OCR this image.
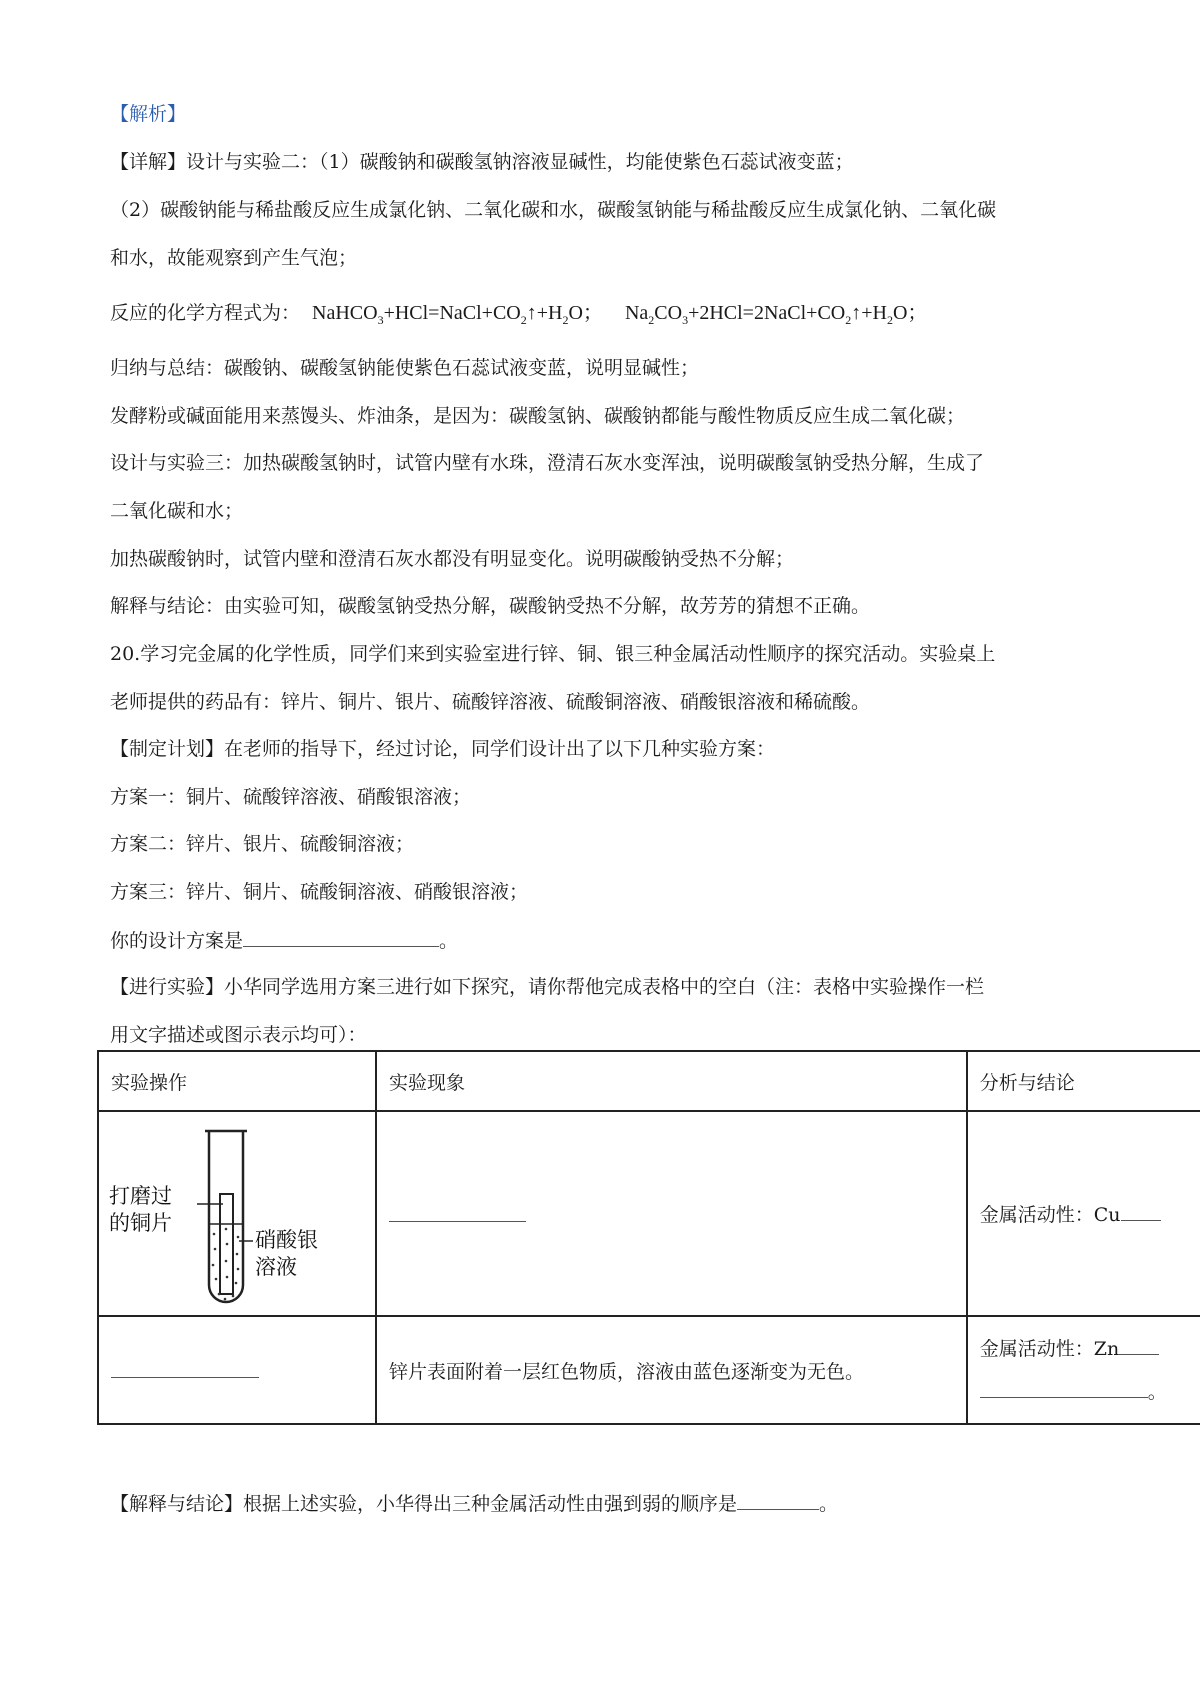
【解析】
【详解】设计与实验二：（1）碳酸钠和碳酸氢钠溶液显碱性，均能使紫色石蕊试液变蓝；
（2）碳酸钠能与稀盐酸反应生成氯化钠、二氧化碳和水，碳酸氢钠能与稀盐酸反应生成氯化钠、二氧化碳
和水，故能观察到产生气泡；
反应的化学方程式为： $NaHCO_3+HCl=NaCl+CO_2↑+H_2O$； $Na_2CO_3+2HCl=2NaCl+CO_2↑+H_2O$；
归纳与总结：碳酸钠、碳酸氢钠能使紫色石蕊试液变蓝，说明显碱性；
发酵粉或碱面能用来蒸馒头、炸油条，是因为：碳酸氢钠、碳酸钠都能与酸性物质反应生成二氧化碳；
设计与实验三：加热碳酸氢钠时，试管内壁有水珠，澄清石灰水变浑浊，说明碳酸氢钠受热分解，生成了
二氧化碳和水；
加热碳酸钠时，试管内壁和澄清石灰水都没有明显变化。说明碳酸钠受热不分解；
解释与结论：由实验可知，碳酸氢钠受热分解，碳酸钠受热不分解，故芳芳的猜想不正确。
20.学习完金属的化学性质，同学们来到实验室进行锌、铜、银三种金属活动性顺序的探究活动。实验桌上
老师提供的药品有：锌片、铜片、银片、硫酸锌溶液、硫酸铜溶液、硝酸银溶液和稀硫酸。
【制定计划】在老师的指导下，经过讨论，同学们设计出了以下几种实验方案：
方案一：铜片、硫酸锌溶液、硝酸银溶液；
方案二：锌片、银片、硫酸铜溶液；
方案三：锌片、铜片、硫酸铜溶液、硝酸银溶液；
你的设计方案是	。
【进行实验】小华同学选用方案三进行如下探究，请你帮他完成表格中的空白（注：表格中实验操作一栏
用文字描述或图示表示均可）：
实验操作	实验现象	分析与结论

打磨过
的铜片
硝酸银
溶液		金属活动性：Cu
	锌片表面附着一层红色物质，溶液由蓝色逐渐变为无色。	金属活动性：Zn
。
【解释与结论】根据上述实验，小华得出三种金属活动性由强到弱的顺序是	。
